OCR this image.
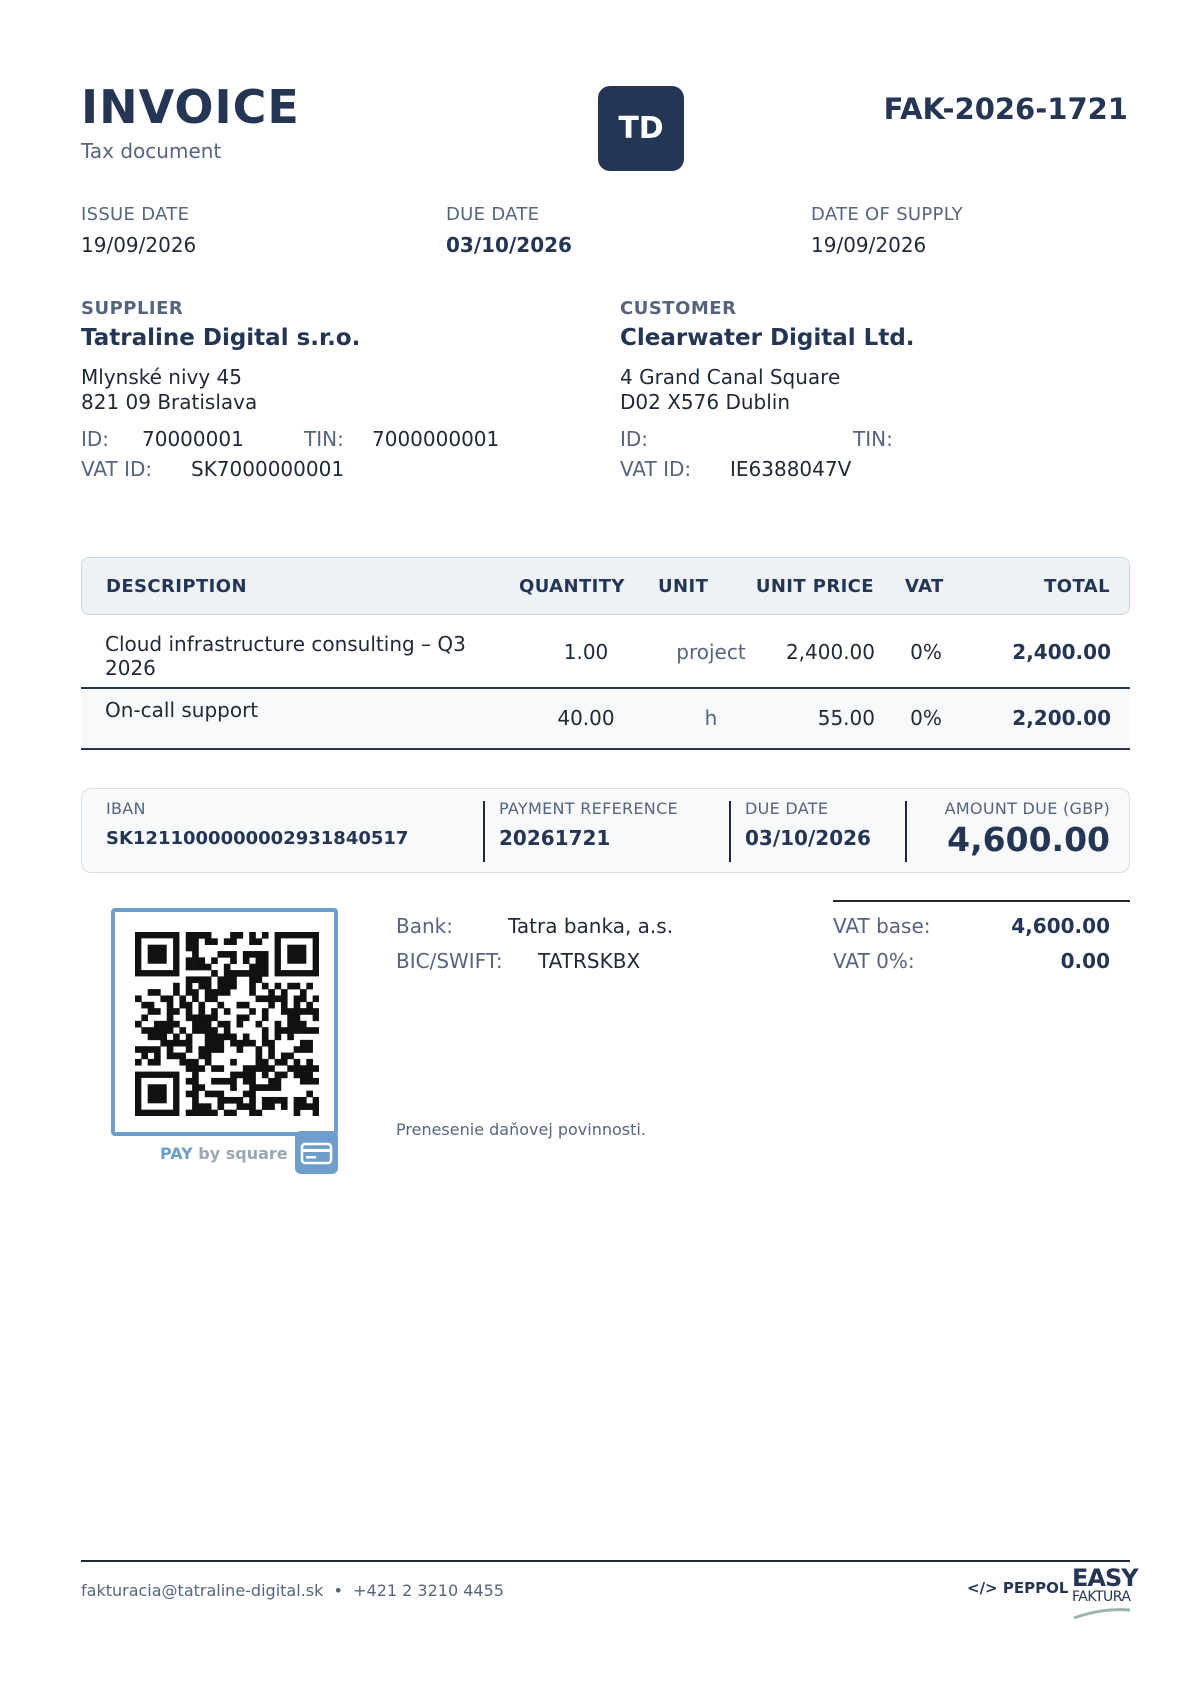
INVOICE
Tax document
TD
FAK-2026-1721
ISSUE DATE
19/09/2026
DUE DATE
03/10/2026
DATE OF SUPPLY
19/09/2026
SUPPLIER
Tatraline Digital s.r.o.
Mlynské nivy 45
821 09 Bratislava
ID: 70000001	TIN: 7000000001
VAT ID: SK7000000001
CUSTOMER
Clearwater Digital Ltd.
4 Grand Canal Square
D02 X576 Dublin
ID:	TIN:
VAT ID: IE6388047V
DESCRIPTION	QUANTITY UNIT	UNIT PRICE VAT	TOTAL
Cloud infrastructure consulting – Q3
2026
1.00	project	2,400.00	0%	2,400.00
On-call support	40.00	h	55.00	0%	2,200.00
IBAN
SK1211000000002931840517
PAYMENT REFERENCE
20261721
DUE DATE
03/10/2026
AMOUNT DUE (GBP)
4,600.00
PAY by square
Bank:	Tatra banka, a.s.
BIC/SWIFT: TATRSKBX
VAT base:	4,600.00
VAT 0%:	0.00
Prenesenie daňovej povinnosti.
fakturacia@tatraline-digital.sk  •  +421 2 3210 4455	</> PEPPOL EASY
FAKTURA
